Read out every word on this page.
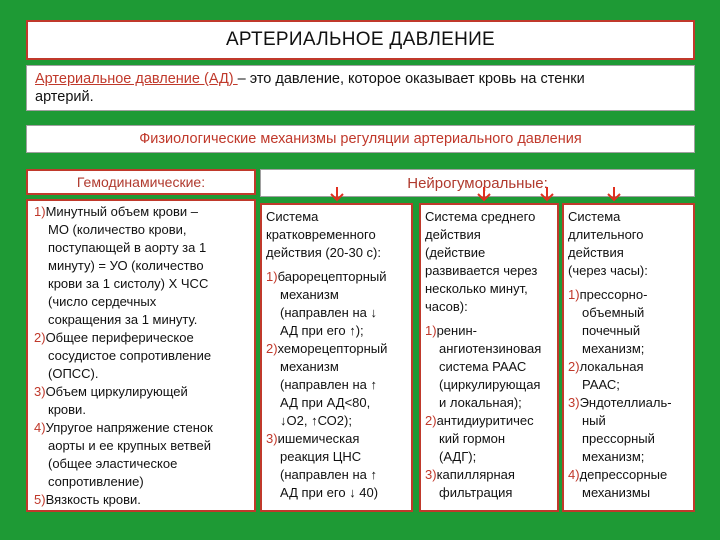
АРТЕРИАЛЬНОЕ ДАВЛЕНИЕ
Артериальное давление (АД) – это давление, которое оказывает кровь на стенки
артерий.
Физиологические механизмы регуляции артериального давления
Гемодинамические:	Нейрогуморальные:
1)Минутный объем крови –
МО (количество крови,
поступающей в аорту за 1
минуту) = УО (количество
крови за 1 систолу) Х ЧСС
(число сердечных
сокращения за 1 минуту.
2)Общее периферическое
сосудистое сопротивление
(ОПСС).
3)Объем циркулирующей
крови.
4)Упругое напряжение стенок
аорты и ее крупных ветвей
(общее эластическое
сопротивление)
5)Вязкость крови.
Система
кратковременного
действия (20-30 с):
1)барорецепторный
механизм
(направлен на ↓
АД при его ↑);
2)хеморецепторный
механизм
(направлен на ↑
АД при АД<80,
↓О2, ↑СО2);
3)ишемическая
реакция ЦНС
(направлен на ↑
АД при его ↓ 40)
Система среднего
действия
(действие
развивается через
несколько минут,
часов):
1)ренин-
ангиотензиновая
система РААС
(циркулирующая
и локальная);
2)антидиуритичес
кий гормон
(АДГ);
3)капиллярная
фильтрация
Система
длительного
действия
(через часы):
1)прессорно-
объемный
почечный
механизм;
2)локальная
РААС;
3)Эндотеллиаль-
ный
прессорный
механизм;
4)депрессорные
механизмы
